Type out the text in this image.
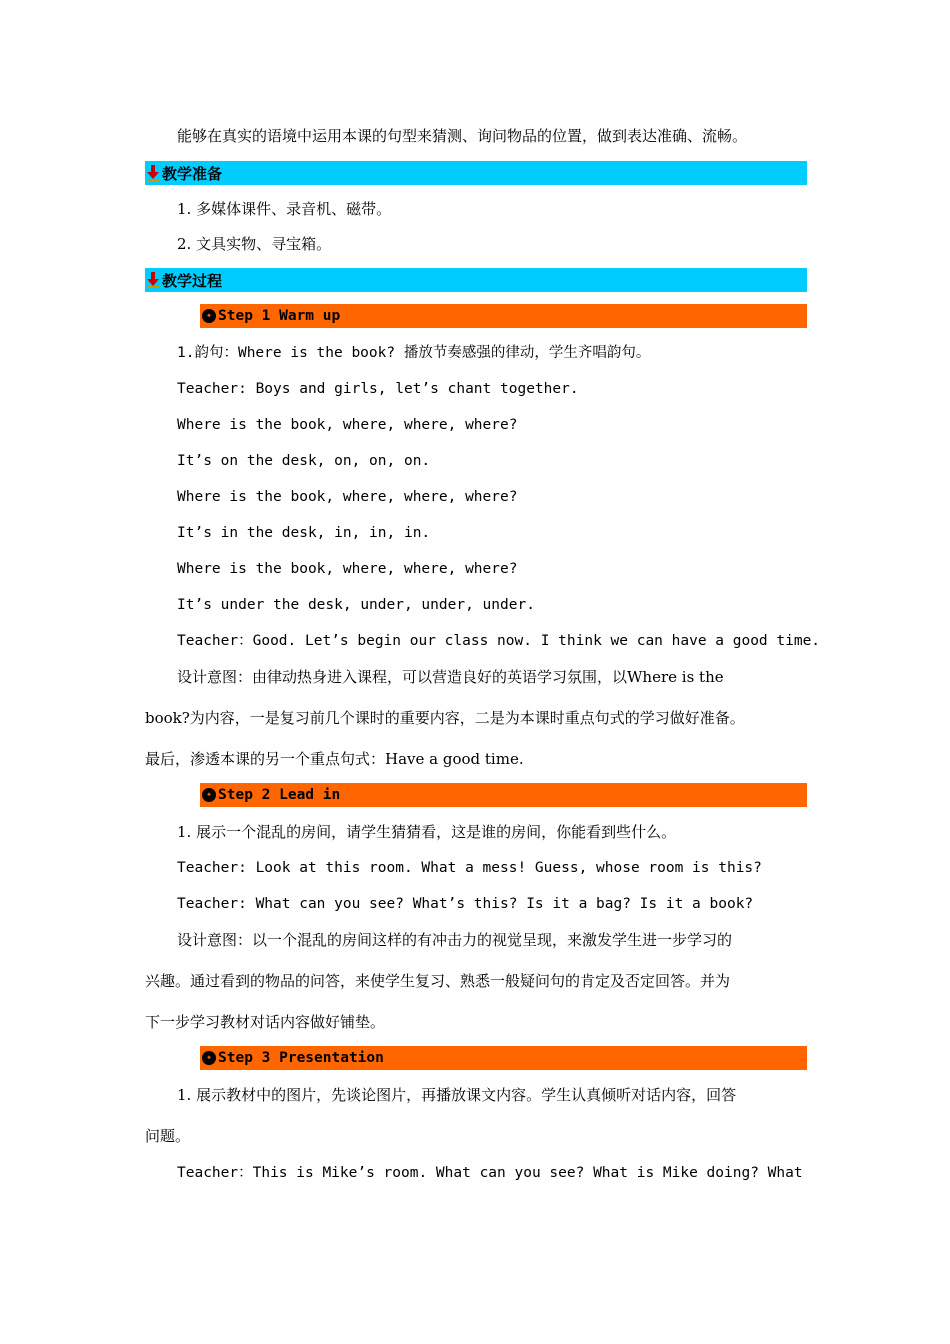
能够在真实的语境中运用本课的句型来猜测、询问物品的位置，做到表达准确、流畅。
教学准备
1. 多媒体课件、录音机、磁带。
2. 文具实物、寻宝箱。
教学过程
✦ Step 1 Warm up
1.韵句：Where is the book? 播放节奏感强的律动，学生齐唱韵句。
Teacher: Boys and girls, let’s chant together.
Where is the book, where, where, where?
It’s on the desk, on, on, on.
Where is the book, where, where, where?
It’s in the desk, in, in, in.
Where is the book, where, where, where?
It’s under the desk, under, under, under.
Teacher：Good. Let’s begin our class now. I think we can have a good time.
设计意图：由律动热身进入课程，可以营造良好的英语学习氛围，以Where is the
book?为内容，一是复习前几个课时的重要内容，二是为本课时重点句式的学习做好准备。
最后，渗透本课的另一个重点句式：Have a good time.
✦ Step 2 Lead in
1. 展示一个混乱的房间，请学生猜猜看，这是谁的房间，你能看到些什么。
Teacher: Look at this room. What a mess! Guess, whose room is this?
Teacher: What can you see? What’s this? Is it a bag? Is it a book?
设计意图：以一个混乱的房间这样的有冲击力的视觉呈现，来激发学生进一步学习的
兴趣。通过看到的物品的问答，来使学生复习、熟悉一般疑问句的肯定及否定回答。并为
下一步学习教材对话内容做好铺垫。
✦ Step 3 Presentation
1. 展示教材中的图片，先谈论图片，再播放课文内容。学生认真倾听对话内容，回答
问题。
Teacher：This is Mike’s room. What can you see? What is Mike doing? What
